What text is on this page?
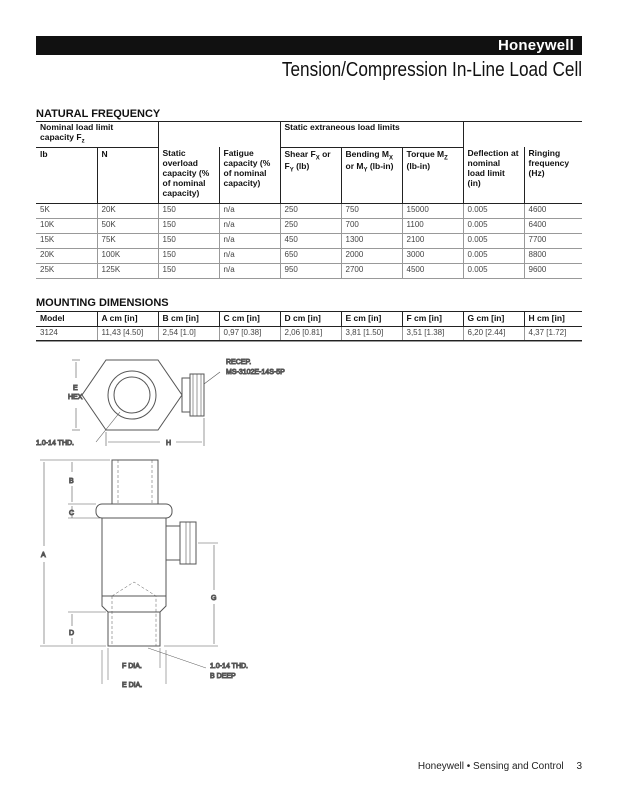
Honeywell
Tension/Compression In-Line Load Cell
NATURAL FREQUENCY
Nominal load limit
capacity $F_z$				Static extraneous load limits				
lb	N	Static overload capacity (% of nominal capacity)	Fatigue capacity (% of nominal capacity)	Shear $F_X$ or $F_Y$ (lb)	Bending $M_X$ or $M_Y$ (lb-in)	Torque $M_Z$ (lb-in)	Deflection at nominal load limit (in)	Ringing frequency (Hz)
5K	20K	150	n/a	250	750	15000	0.005	4600
10K	50K	150	n/a	250	700	1100	0.005	6400
15K	75K	150	n/a	450	1300	2100	0.005	7700
20K	100K	150	n/a	650	2000	3000	0.005	8800
25K	125K	150	n/a	950	2700	4500	0.005	9600
MOUNTING DIMENSIONS
Model	A cm [in]	B cm [in]	C cm [in]	D cm [in]	E cm [in]	F cm [in]	G cm [in]	H cm [in]
3124	11,43 [4.50]	2,54 [1.0]	0,97 [0.38]	2,06 [0.81]	3,81 [1.50]	3,51 [1.38]	6,20 [2.44]	4,37 [1.72]
RECEP.
MS-3102E-14S-5P
E
HEX
1.0-14 THD.	H
B
C
A
G
D
F DIA.
E DIA.
1.0-14 THD.
B DEEP
Honeywell • Sensing and Control 3
